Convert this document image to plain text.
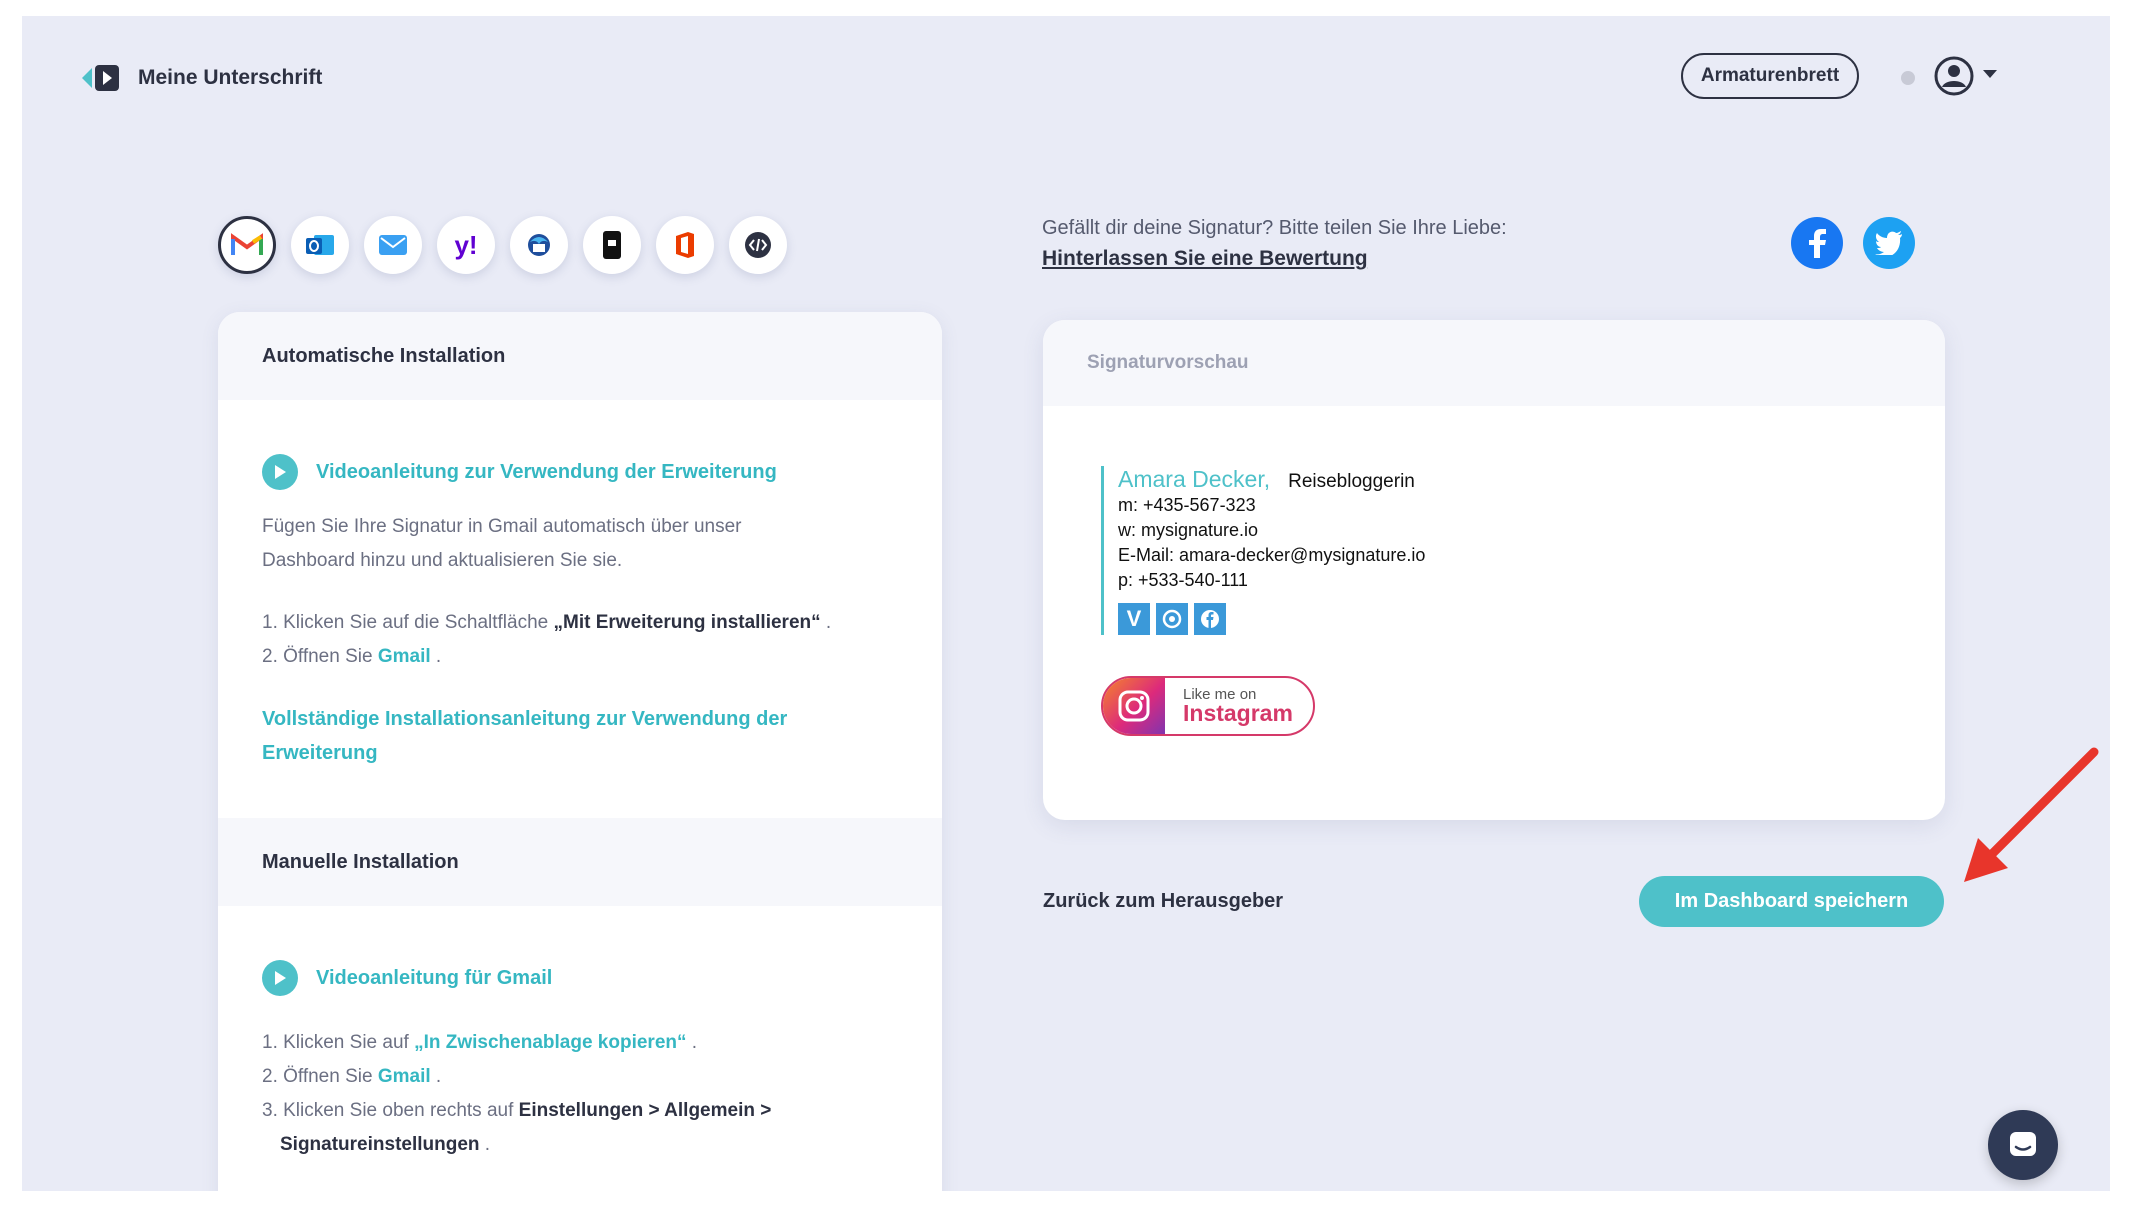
Meine Unterschrift	Armaturenbrett
y!
Automatische Installation
Videoanleitung zur Verwendung der Erweiterung
Fügen Sie Ihre Signatur in Gmail automatisch über unser
Dashboard hinzu und aktualisieren Sie sie.
1. Klicken Sie auf die Schaltfläche „Mit Erweiterung installieren“ .
2. Öffnen Sie Gmail .
Vollständige Installationsanleitung zur Verwendung der
Erweiterung
Manuelle Installation
Videoanleitung für Gmail
1. Klicken Sie auf „In Zwischenablage kopieren“ .
2. Öffnen Sie Gmail .
3. Klicken Sie oben rechts auf Einstellungen > Allgemein >
Signatureinstellungen .
Gefällt dir deine Signatur? Bitte teilen Sie Ihre Liebe:
Hinterlassen Sie eine Bewertung
Signaturvorschau
Amara Decker, Reisebloggerin
m: +435-567-323
w: mysignature.io
E-Mail: amara-decker@mysignature.io
p: +533-540-111
V
Like me on
Instagram
Zurück zum Herausgeber	Im Dashboard speichern
